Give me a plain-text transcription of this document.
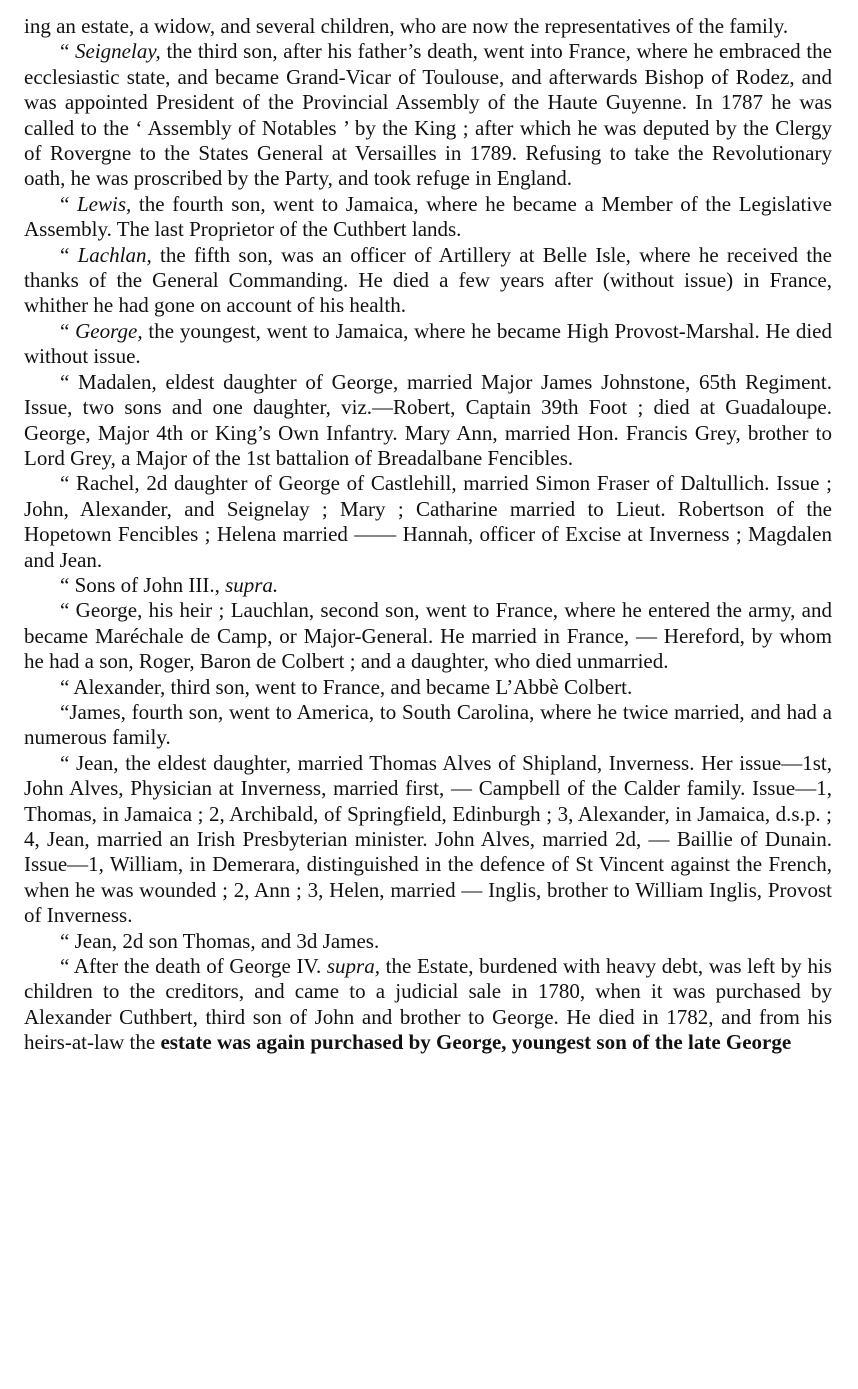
ing an estate, a widow, and several children, who are now the representatives of the family.

“ Seignelay, the third son, after his father’s death, went into France, where he embraced the ecclesiastic state, and became Grand-Vicar of Toulouse, and afterwards Bishop of Rodez, and was appointed President of the Provincial Assembly of the Haute Guyenne. In 1787 he was called to the ‘ Assembly of Notables ’ by the King ; after which he was deputed by the Clergy of Rovergne to the States General at Versailles in 1789. Refusing to take the Revolutionary oath, he was proscribed by the Party, and took refuge in England.

“ Lewis, the fourth son, went to Jamaica, where he became a Member of the Legislative Assembly. The last Proprietor of the Cuthbert lands.

“ Lachlan, the fifth son, was an officer of Artillery at Belle Isle, where he received the thanks of the General Commanding. He died a few years after (without issue) in France, whither he had gone on account of his health.

“ George, the youngest, went to Jamaica, where he became High Provost-Marshal. He died without issue.

“ Madalen, eldest daughter of George, married Major James Johnstone, 65th Regiment. Issue, two sons and one daughter, viz.—Robert, Captain 39th Foot ; died at Guadaloupe. George, Major 4th or King’s Own Infantry. Mary Ann, married Hon. Francis Grey, brother to Lord Grey, a Major of the 1st battalion of Breadalbane Fencibles.

“ Rachel, 2d daughter of George of Castlehill, married Simon Fraser of Daltullich. Issue ; John, Alexander, and Seignelay ; Mary ; Catharine married to Lieut. Robertson of the Hopetown Fencibles ; Helena married —— Hannah, officer of Excise at Inverness ; Magdalen and Jean.

“ Sons of John III., supra.

“ George, his heir ; Lauchlan, second son, went to France, where he entered the army, and became Maréchale de Camp, or Major-General. He married in France, — Hereford, by whom he had a son, Roger, Baron de Colbert ; and a daughter, who died unmarried.

“ Alexander, third son, went to France, and became L’Abbè Colbert.

“James, fourth son, went to America, to South Carolina, where he twice married, and had a numerous family.

“ Jean, the eldest daughter, married Thomas Alves of Shipland, Inverness. Her issue—1st, John Alves, Physician at Inverness, married first, — Campbell of the Calder family. Issue—1, Thomas, in Jamaica ; 2, Archibald, of Springfield, Edinburgh ; 3, Alexander, in Jamaica, d.s.p. ; 4, Jean, married an Irish Presbyterian minister. John Alves, married 2d, — Baillie of Dunain. Issue—1, William, in Demerara, distinguished in the defence of St Vincent against the French, when he was wounded ; 2, Ann ; 3, Helen, married — Inglis, brother to William Inglis, Provost of Inverness.

“ Jean, 2d son Thomas, and 3d James.

“ After the death of George IV. supra, the Estate, burdened with heavy debt, was left by his children to the creditors, and came to a judicial sale in 1780, when it was purchased by Alexander Cuthbert, third son of John and brother to George. He died in 1782, and from his heirs-at-law the estate was again purchased by George, youngest son of the late George
